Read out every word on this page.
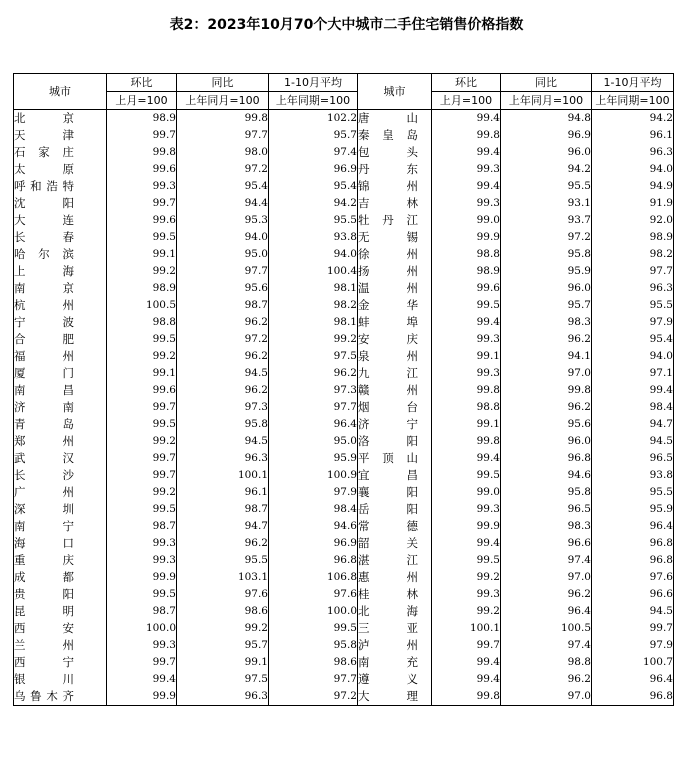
表2：2023年10月70个大中城市二手住宅销售价格指数
城市	环比	同比	1-10月平均	城市	环比	同比	1-10月平均
	上月=100	上年同月=100	上年同期=100		上月=100	上年同月=100	上年同期=100
北京	98.9	99.8	102.2	唐山	99.4	94.8	94.2
天津	99.7	97.7	95.7	秦皇岛	99.8	96.9	96.1
石家庄	99.8	98.0	97.4	包头	99.4	96.0	96.3
太原	99.6	97.2	96.9	丹东	99.3	94.2	94.0
呼和浩特	99.3	95.4	95.4	锦州	99.4	95.5	94.9
沈阳	99.7	94.4	94.2	吉林	99.3	93.1	91.9
大连	99.6	95.3	95.5	牡丹江	99.0	93.7	92.0
长春	99.5	94.0	93.8	无锡	99.9	97.2	98.9
哈尔滨	99.1	95.0	94.0	徐州	98.8	95.8	98.2
上海	99.2	97.7	100.4	扬州	98.9	95.9	97.7
南京	98.9	95.6	98.1	温州	99.6	96.0	96.3
杭州	100.5	98.7	98.2	金华	99.5	95.7	95.5
宁波	98.8	96.2	98.1	蚌埠	99.4	98.3	97.9
合肥	99.5	97.2	99.2	安庆	99.3	96.2	95.4
福州	99.2	96.2	97.5	泉州	99.1	94.1	94.0
厦门	99.1	94.5	96.2	九江	99.3	97.0	97.1
南昌	99.6	96.2	97.3	赣州	99.8	99.8	99.4
济南	99.7	97.3	97.7	烟台	98.8	96.2	98.4
青岛	99.5	95.8	96.4	济宁	99.1	95.6	94.7
郑州	99.2	94.5	95.0	洛阳	99.8	96.0	94.5
武汉	99.7	96.3	95.9	平顶山	99.4	96.8	96.5
长沙	99.7	100.1	100.9	宜昌	99.5	94.6	93.8
广州	99.2	96.1	97.9	襄阳	99.0	95.8	95.5
深圳	99.5	98.7	98.4	岳阳	99.3	96.5	95.9
南宁	98.7	94.7	94.6	常德	99.9	98.3	96.4
海口	99.3	96.2	96.9	韶关	99.4	96.6	96.8
重庆	99.3	95.5	96.8	湛江	99.5	97.4	96.8
成都	99.9	103.1	106.8	惠州	99.2	97.0	97.6
贵阳	99.5	97.6	97.6	桂林	99.3	96.2	96.6
昆明	98.7	98.6	100.0	北海	99.2	96.4	94.5
西安	100.0	99.2	99.5	三亚	100.1	100.5	99.7
兰州	99.3	95.7	95.8	泸州	99.7	97.4	97.9
西宁	99.7	99.1	98.6	南充	99.4	98.8	100.7
银川	99.4	97.5	97.7	遵义	99.4	96.2	96.4
乌鲁木齐	99.9	96.3	97.2	大理	99.8	97.0	96.8
